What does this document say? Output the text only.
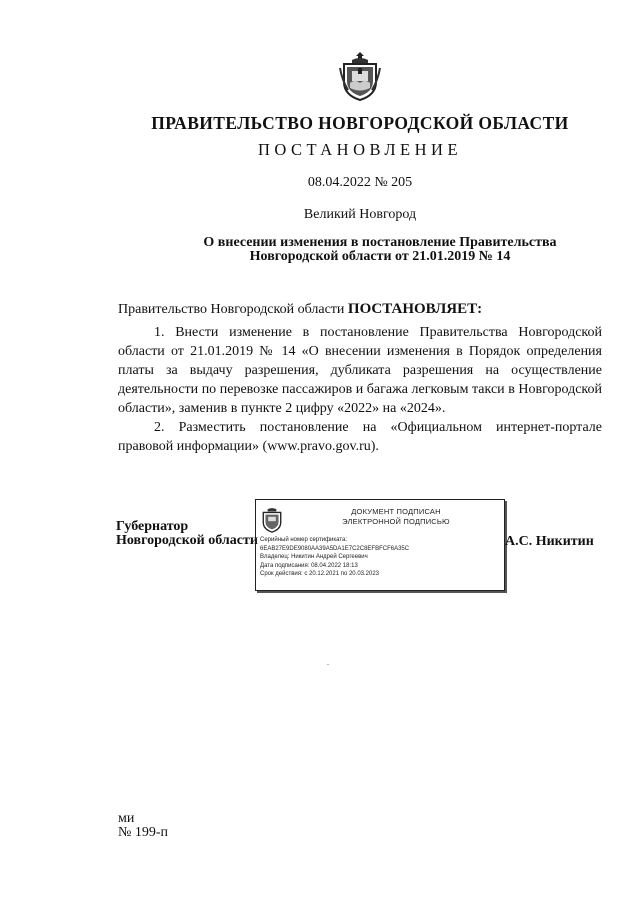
ПРАВИТЕЛЬСТВО НОВГОРОДСКОЙ ОБЛАСТИ
ПОСТАНОВЛЕНИЕ
08.04.2022 № 205
Великий Новгород
О внесении изменения в постановление Правительства
Новгородской области от 21.01.2019 № 14
Правительство Новгородской области ПОСТАНОВЛЯЕТ:
1. Внести изменение в постановление Правительства Новгородской области от 21.01.2019 № 14 «О внесении изменения в Порядок определения платы за выдачу разрешения, дубликата разрешения на осуществление деятельности по перевозке пассажиров и багажа легковым такси в Новгородской области», заменив в пункте 2 цифру «2022» на «2024».
2. Разместить постановление на «Официальном интернет-портале правовой информации» (www.pravo.gov.ru).
Губернатор
Новгородской области
ДОКУМЕНТ ПОДПИСАН
ЭЛЕКТРОННОЙ ПОДПИСЬЮ
Серийный номер сертификата:
6EAB27E9DE9080AA39A5DA1E7C2C8EFBFCF6A35C
Владелец: Никитин Андрей Сергеевич
Дата подписания: 08.04.2022 18:13
Срок действия: с 20.12.2021 по 20.03.2023
А.С. Никитин
ми
№ 199-п
